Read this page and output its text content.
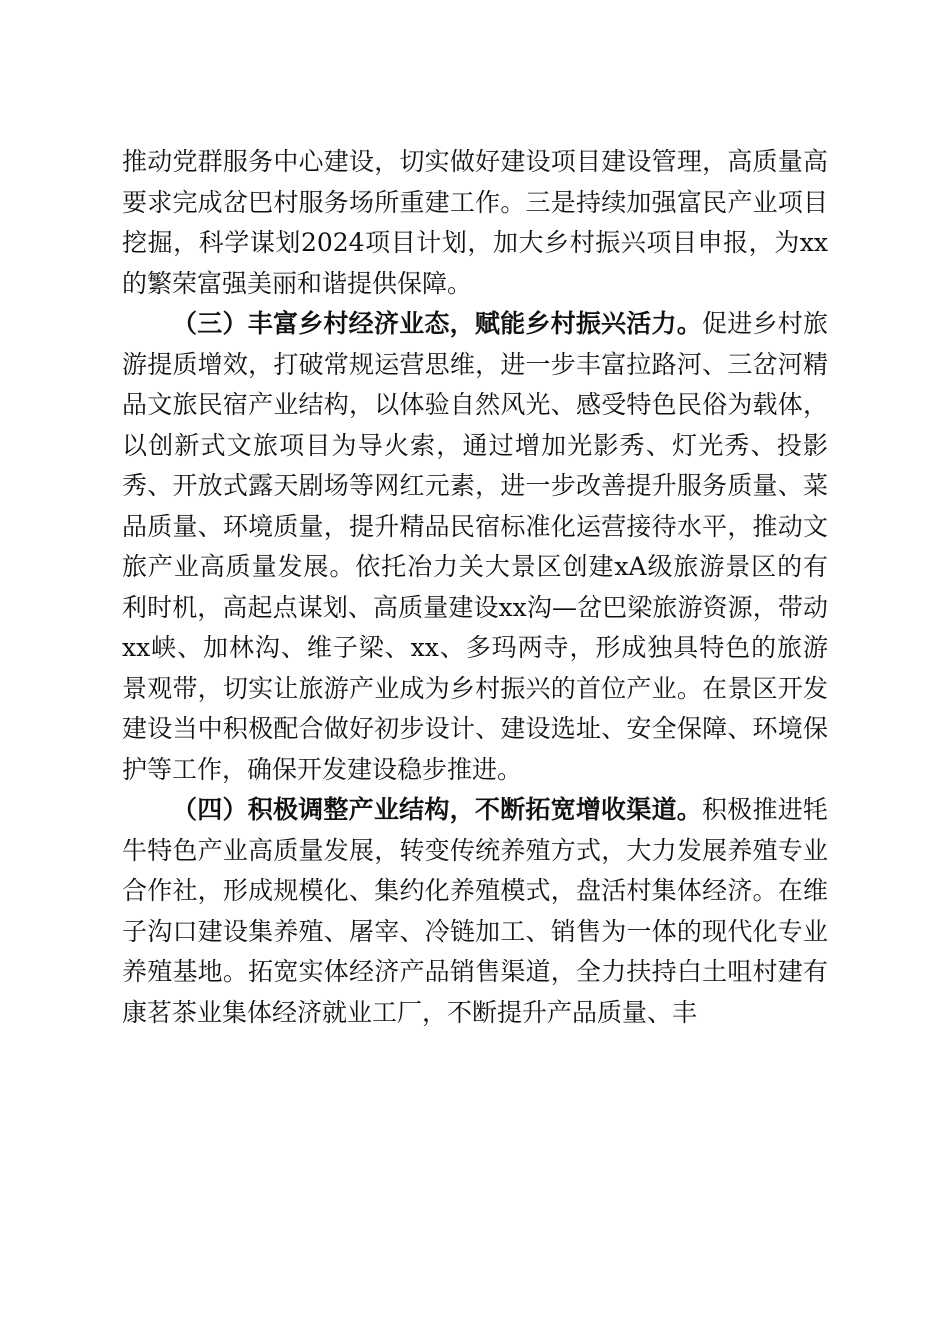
推动党群服务中心建设，切实做好建设项目建设管理，高质量高要求完成岔巴村服务场所重建工作。三是持续加强富民产业项目挖掘，科学谋划2024项目计划，加大乡村振兴项目申报，为xx的繁荣富强美丽和谐提供保障。

（三）丰富乡村经济业态，赋能乡村振兴活力。促进乡村旅游提质增效，打破常规运营思维，进一步丰富拉路河、三岔河精品文旅民宿产业结构，以体验自然风光、感受特色民俗为载体，以创新式文旅项目为导火索，通过增加光影秀、灯光秀、投影秀、开放式露天剧场等网红元素，进一步改善提升服务质量、菜品质量、环境质量，提升精品民宿标准化运营接待水平，推动文旅产业高质量发展。依托冶力关大景区创建xA级旅游景区的有利时机，高起点谋划、高质量建设xx沟—岔巴梁旅游资源，带动xx峡、加林沟、维子梁、xx、多玛两寺，形成独具特色的旅游景观带，切实让旅游产业成为乡村振兴的首位产业。在景区开发建设当中积极配合做好初步设计、建设选址、安全保障、环境保护等工作，确保开发建设稳步推进。

（四）积极调整产业结构，不断拓宽增收渠道。积极推进牦牛特色产业高质量发展，转变传统养殖方式，大力发展养殖专业合作社，形成规模化、集约化养殖模式，盘活村集体经济。在维子沟口建设集养殖、屠宰、冷链加工、销售为一体的现代化专业养殖基地。拓宽实体经济产品销售渠道，全力扶持白土咀村建有康茗茶业集体经济就业工厂，不断提升产品质量、丰
